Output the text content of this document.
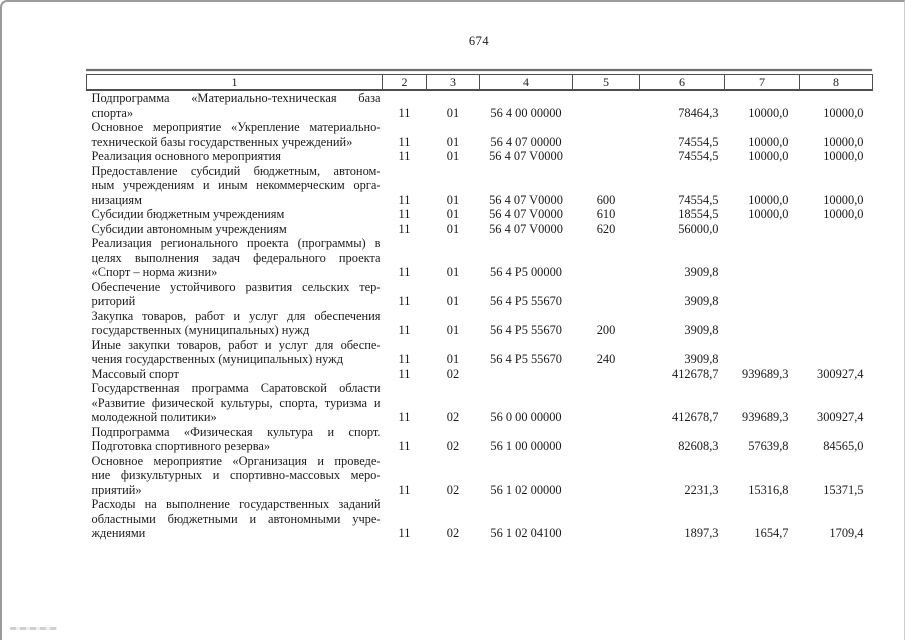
674
1	2	3	4	5	6	7	8

Подпрограмма «Материально-техническая база
спорта»	11	01	56 4 00 00000		78464,3	10000,0	10000,0

Основное мероприятие «Укрепление материально-
технической базы государственных учреждений»	11	01	56 4 07 00000		74554,5	10000,0	10000,0

Реализация основного мероприятия	11	01	56 4 07 V0000		74554,5	10000,0	10000,0

Предоставление субсидий бюджетным, автоном-
ным учреждениям и иным некоммерческим орга-
низациям	11	01	56 4 07 V0000	600	74554,5	10000,0	10000,0

Субсидии бюджетным учреждениям	11	01	56 4 07 V0000	610	18554,5	10000,0	10000,0

Субсидии автономным учреждениям	11	01	56 4 07 V0000	620	56000,0		

Реализация регионального проекта (программы) в
целях выполнения задач федерального проекта
«Спорт – норма жизни»	11	01	56 4 P5 00000		3909,8		

Обеспечение устойчивого развития сельских тер-
риторий	11	01	56 4 P5 55670		3909,8		

Закупка товаров, работ и услуг для обеспечения
государственных (муниципальных) нужд	11	01	56 4 P5 55670	200	3909,8		

Иные закупки товаров, работ и услуг для обеспе-
чения государственных (муниципальных) нужд	11	01	56 4 P5 55670	240	3909,8		

Массовый спорт	11	02			412678,7	939689,3	300927,4

Государственная программа Саратовской области
«Развитие физической культуры, спорта, туризма и
молодежной политики»	11	02	56 0 00 00000		412678,7	939689,3	300927,4

Подпрограмма «Физическая культура и спорт.
Подготовка спортивного резерва»	11	02	56 1 00 00000		82608,3	57639,8	84565,0

Основное мероприятие «Организация и проведе-
ние физкультурных и спортивно-массовых меро-
приятий»	11	02	56 1 02 00000		2231,3	15316,8	15371,5

Расходы на выполнение государственных заданий
областными бюджетными и автономными учре-
ждениями	11	02	56 1 02 04100		1897,3	1654,7	1709,4
